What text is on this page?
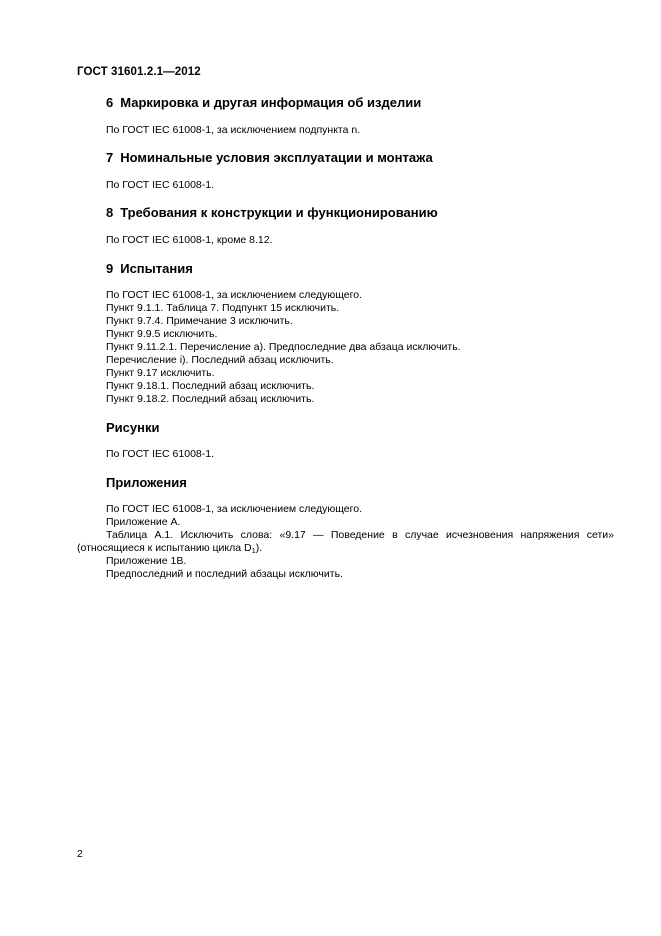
ГОСТ 31601.2.1—2012
6 Маркировка и другая информация об изделии
По ГОСТ IEC 61008-1, за исключением подпункта n.
7 Номинальные условия эксплуатации и монтажа
По ГОСТ IEC 61008-1.
8 Требования к конструкции и функционированию
По ГОСТ IEC 61008-1, кроме 8.12.
9 Испытания
По ГОСТ IEC 61008-1, за исключением следующего.
Пункт 9.1.1. Таблица 7. Подпункт 15 исключить.
Пункт 9.7.4. Примечание 3 исключить.
Пункт 9.9.5 исключить.
Пункт 9.11.2.1. Перечисление а). Предпоследние два абзаца исключить.
Перечисление i). Последний абзац исключить.
Пункт 9.17 исключить.
Пункт 9.18.1. Последний абзац исключить.
Пункт 9.18.2. Последний абзац исключить.
Рисунки
По ГОСТ IEC 61008-1.
Приложения
По ГОСТ IEC 61008-1, за исключением следующего.
Приложение А.
Таблица А.1. Исключить слова: «9.17 — Поведение в случае исчезновения напряжения сети»
(относящиеся к испытанию цикла $D_1$).
Приложение 1В.
Предпоследний и последний абзацы исключить.
2
